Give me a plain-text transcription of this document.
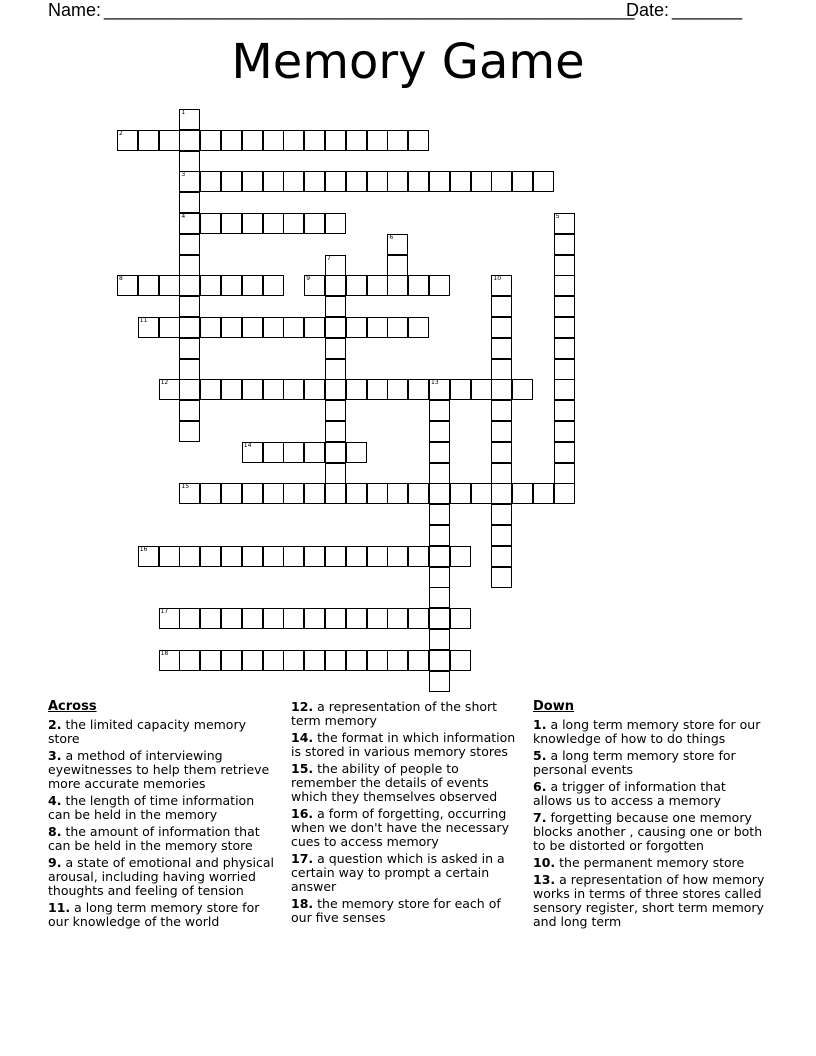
Name: _____________________________________________________
Date: _______
Memory Game
1
3
4
2
5
6
7
8	9	10
11
12	13
14
15
16
17
18
Across
2. the limited capacity memory store
3. a method of interviewing eyewitnesses to help them retrieve more accurate memories
4. the length of time information can be held in the memory
8. the amount of information that can be held in the memory store
9. a state of emotional and physical arousal, including having worried thoughts and feeling of tension
11. a long term memory store for our knowledge of the world
12. a representation of the short term memory
14. the format in which information is stored in various memory stores
15. the ability of people to remember the details of events which they themselves observed
16. a form of forgetting, occurring when we don't have the necessary cues to access memory
17. a question which is asked in a certain way to prompt a certain answer
18. the memory store for each of our five senses
Down
1. a long term memory store for our knowledge of how to do things
5. a long term memory store for personal events
6. a trigger of information that allows us to access a memory
7. forgetting because one memory blocks another , causing one or both to be distorted or forgotten
10. the permanent memory store
13. a representation of how memory works in terms of three stores called sensory register, short term memory and long term
